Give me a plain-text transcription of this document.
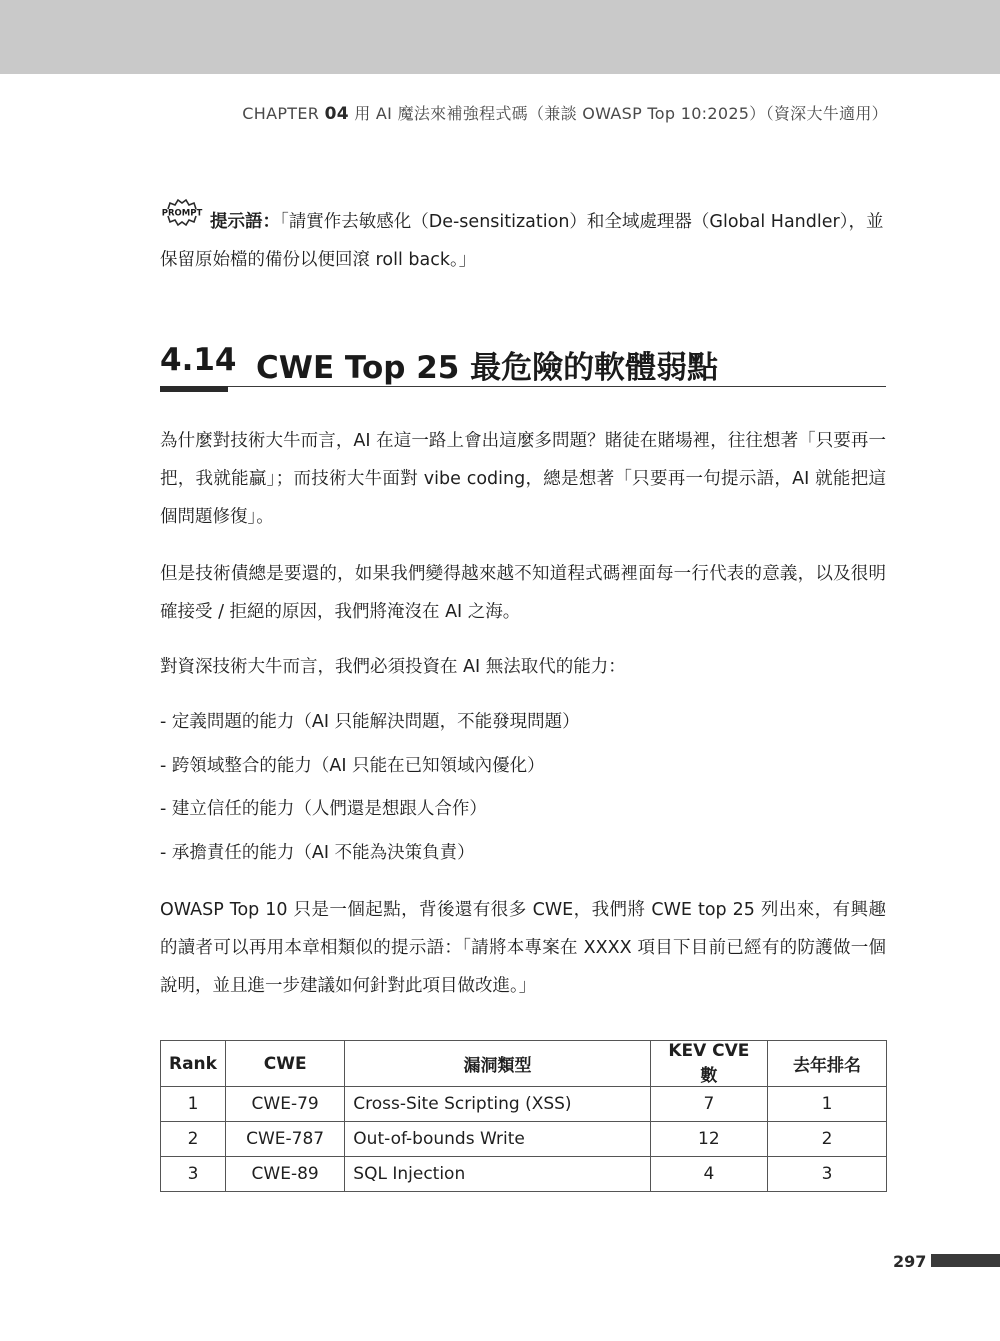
CHAPTER 04 用 AI 魔法來補強程式碼（兼談 OWASP Top 10:2025）（資深大牛適用）
PROMPT 提示語：「請實作去敏感化（De-sensitization）和全域處理器（Global Handler），並保留原始檔的備份以便回滾 roll back。」
4.14 CWE Top 25 最危險的軟體弱點
為什麼對技術大牛而言，AI 在這一路上會出這麼多問題？賭徒在賭場裡，往往想著「只要再一把，我就能贏」；而技術大牛面對 vibe coding，總是想著「只要再一句提示語，AI 就能把這個問題修復」。
但是技術債總是要還的，如果我們變得越來越不知道程式碼裡面每一行代表的意義，以及很明確接受 / 拒絕的原因，我們將淹沒在 AI 之海。
對資深技術大牛而言，我們必須投資在 AI 無法取代的能力：
- 定義問題的能力（AI 只能解決問題，不能發現問題）
- 跨領域整合的能力（AI 只能在已知領域內優化）
- 建立信任的能力（人們還是想跟人合作）
- 承擔責任的能力（AI 不能為決策負責）
OWASP Top 10 只是一個起點，背後還有很多 CWE，我們將 CWE top 25 列出來，有興趣的讀者可以再用本章相類似的提示語：「請將本專案在 XXXX 項目下目前已經有的防護做一個說明，並且進一步建議如何針對此項目做改進。」
Rank	CWE	漏洞類型	KEV CVE 數	去年排名
1	CWE-79	Cross-Site Scripting (XSS)	7	1
2	CWE-787	Out-of-bounds Write	12	2
3	CWE-89	SQL Injection	4	3
297
